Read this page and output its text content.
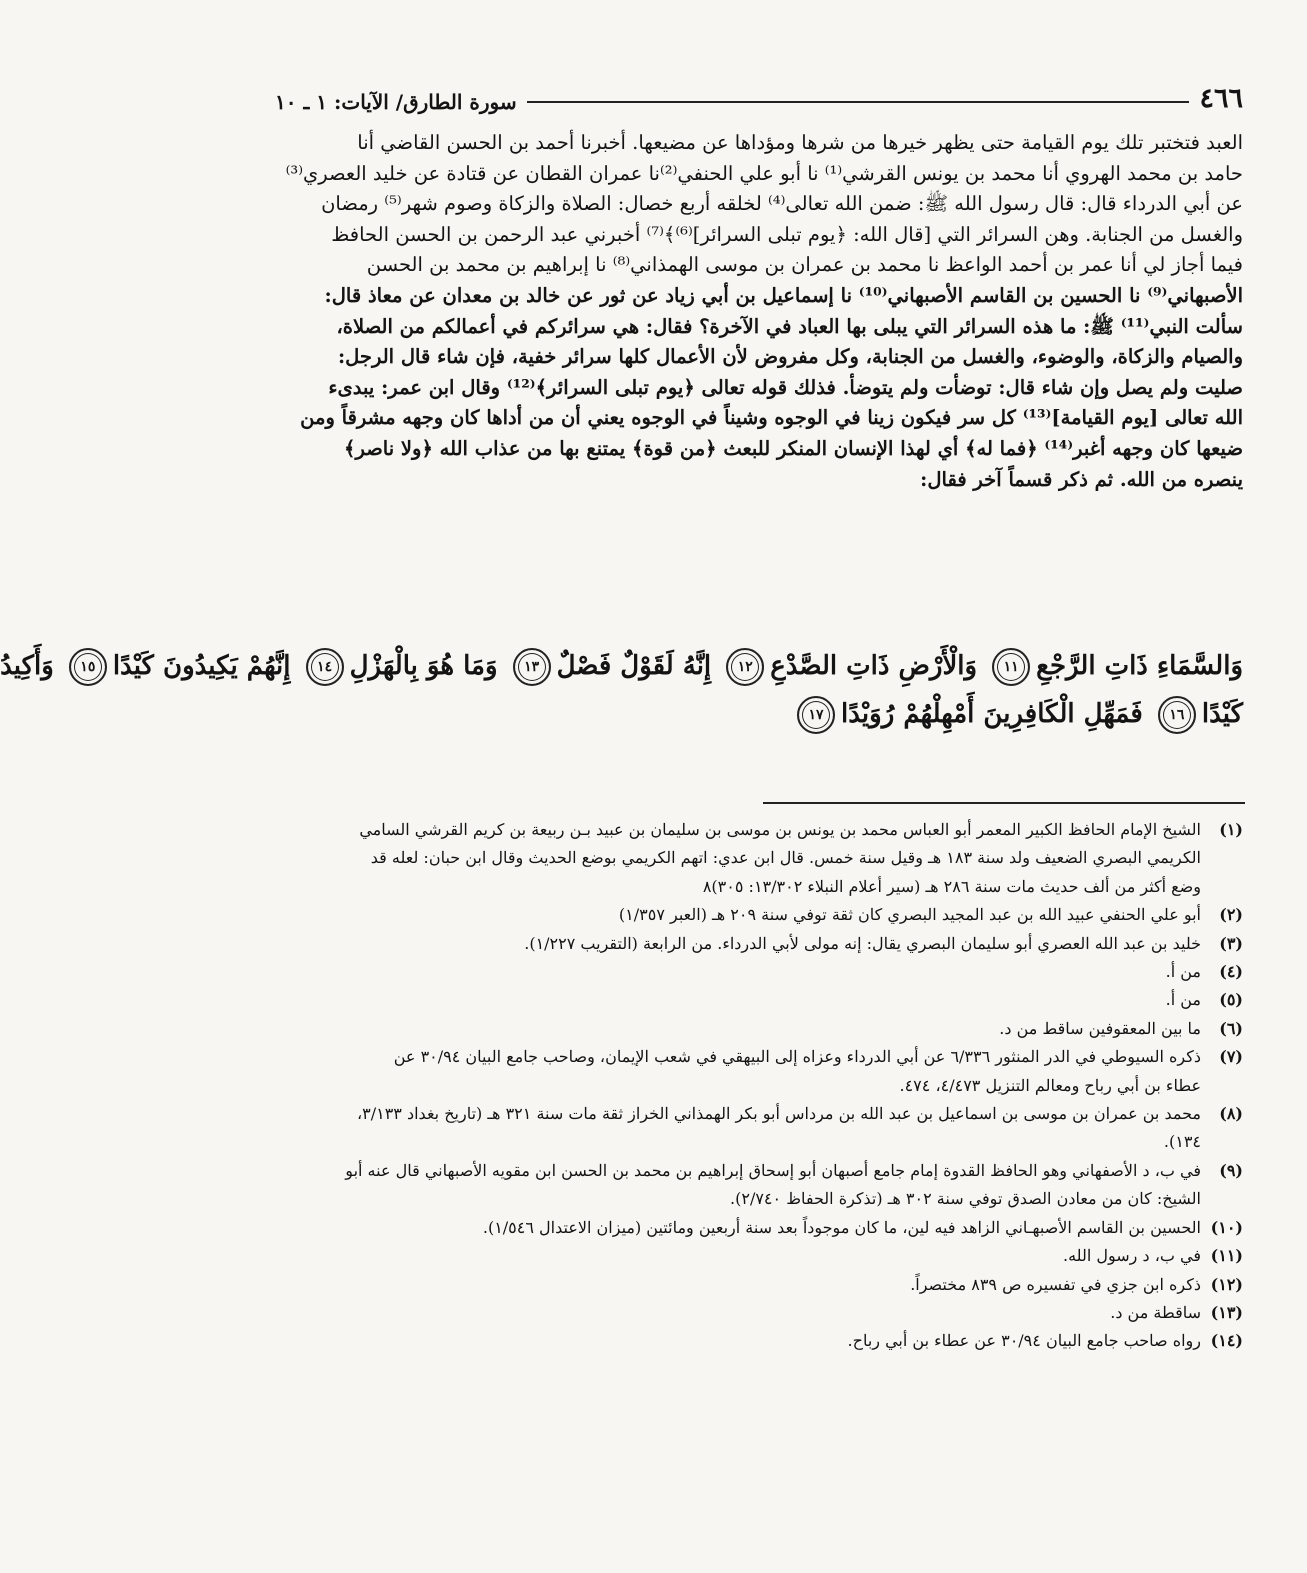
٤٦٦
سورة الطارق/ الآيات: ١ ـ ١٠

العبد فتختبر تلك يوم القيامة حتى يظهر خيرها من شرها ومؤداها عن مضيعها. أخبرنا أحمد بن الحسن القاضي أنا

حامد بن محمد الهروي أنا محمد بن يونس القرشي⁽¹⁾ نا أبو علي الحنفي⁽²⁾نا عمران القطان عن قتادة عن خليد العصري⁽³⁾

عن أبي الدرداء قال: قال رسول الله ﷺ: ضمن الله تعالى⁽⁴⁾ لخلقه أربع خصال: الصلاة والزكاة وصوم شهر⁽⁵⁾ رمضان

والغسل من الجنابة. وهن السرائر التي [قال الله: ﴿يوم تبلى السرائر]⁽⁶⁾﴾⁽⁷⁾ أخبرني عبد الرحمن بن الحسن الحافظ

فيما أجاز لي أنا عمر بن أحمد الواعظ نا محمد بن عمران بن موسى الهمذاني⁽⁸⁾ نا إبراهيم بن محمد بن الحسن

الأصبهاني⁽⁹⁾ نا الحسين بن القاسم الأصبهاني⁽¹⁰⁾ نا إسماعيل بن أبي زياد عن ثور عن خالد بن معدان عن معاذ قال:

سألت النبي⁽¹¹⁾ ﷺ: ما هذه السرائر التي يبلى بها العباد في الآخرة؟ فقال: هي سرائركم في أعمالكم من الصلاة،

والصيام والزكاة، والوضوء، والغسل من الجنابة، وكل مفروض لأن الأعمال كلها سرائر خفية، فإن شاء قال الرجل:

صليت ولم يصل وإن شاء قال: توضأت ولم يتوضأ. فذلك قوله تعالى ﴿يوم تبلى السرائر﴾⁽¹²⁾ وقال ابن عمر: يبدىء

الله تعالى [يوم القيامة]⁽¹³⁾ كل سر فيكون زينا في الوجوه وشيناً في الوجوه يعني أن من أداها كان وجهه مشرقاً ومن

ضيعها كان وجهه أغبر⁽¹⁴⁾ ﴿فما له﴾ أي لهذا الإنسان المنكر للبعث ﴿من قوة﴾ يمتنع بها من عذاب الله ﴿ولا ناصر﴾

ينصره من الله. ثم ذكر قسماً آخر فقال:

وَالسَّمَاءِ ذَاتِ الرَّجْعِ١١ وَالْأَرْضِ ذَاتِ الصَّدْعِ١٢ إِنَّهُ لَقَوْلٌ فَصْلٌ١٣ وَمَا هُوَ بِالْهَزْلِ١٤ إِنَّهُمْ يَكِيدُونَ كَيْدًا١٥ وَأَكِيدُ
كَيْدًا١٦ فَمَهِّلِ الْكَافِرِينَ أَمْهِلْهُمْ رُوَيْدًا١٧
(١)
الشيخ الإمام الحافظ الكبير المعمر أبو العباس محمد بن يونس بن موسى بن سليمان بن عبيد بـن ربيعة بن كريم القرشي السامي
الكريمي البصري الضعيف ولد سنة ١٨٣ هـ وقيل سنة خمس. قال ابن عدي: اتهم الكريمي بوضع الحديث وقال ابن حبان: لعله قد
وضع أكثر من ألف حديث مات سنة ٢٨٦ هـ (سير أعلام النبلاء ١٣/٣٠٢: ٣٠٥)٨
(٢)
أبو علي الحنفي عبيد الله بن عبد المجيد البصري كان ثقة توفي سنة ٢٠٩ هـ (العبر ١/٣٥٧)
(٣)
خليد بن عبد الله العصري أبو سليمان البصري يقال: إنه مولى لأبي الدرداء. من الرابعة (التقريب ١/٢٢٧).
(٤)
من أ.
(٥)
من أ.
(٦)
ما بين المعقوفين ساقط من د.
(٧)
ذكره السيوطي في الدر المنثور ٦/٣٣٦ عن أبي الدرداء وعزاه إلى البيهقي في شعب الإيمان، وصاحب جامع البيان ٣٠/٩٤ عن
عطاء بن أبي رباح ومعالم التنزيل ٤/٤٧٣، ٤٧٤.
(٨)
محمد بن عمران بن موسى بن اسماعيل بن عبد الله بن مرداس أبو بكر الهمذاني الخراز ثقة مات سنة ٣٢١ هـ (تاريخ بغداد ٣/١٣٣،
١٣٤).
(٩)
في ب، د الأصفهاني وهو الحافظ القدوة إمام جامع أصبهان أبو إسحاق إبراهيم بن محمد بن الحسن ابن مقويه الأصبهاني قال عنه أبو
الشيخ: كان من معادن الصدق توفي سنة ٣٠٢ هـ (تذكرة الحفاظ ٢/٧٤٠).
(١٠)
الحسين بن القاسم الأصبهـاني الزاهد فيه لين، ما كان موجوداً بعد سنة أربعين ومائتين (ميزان الاعتدال ١/٥٤٦).
(١١)
في ب، د رسول الله.
(١٢)
ذكره ابن جزي في تفسيره ص ٨٣٩ مختصراً.
(١٣)
ساقطة من د.
(١٤)
رواه صاحب جامع البيان ٣٠/٩٤ عن عطاء بن أبي رباح.
